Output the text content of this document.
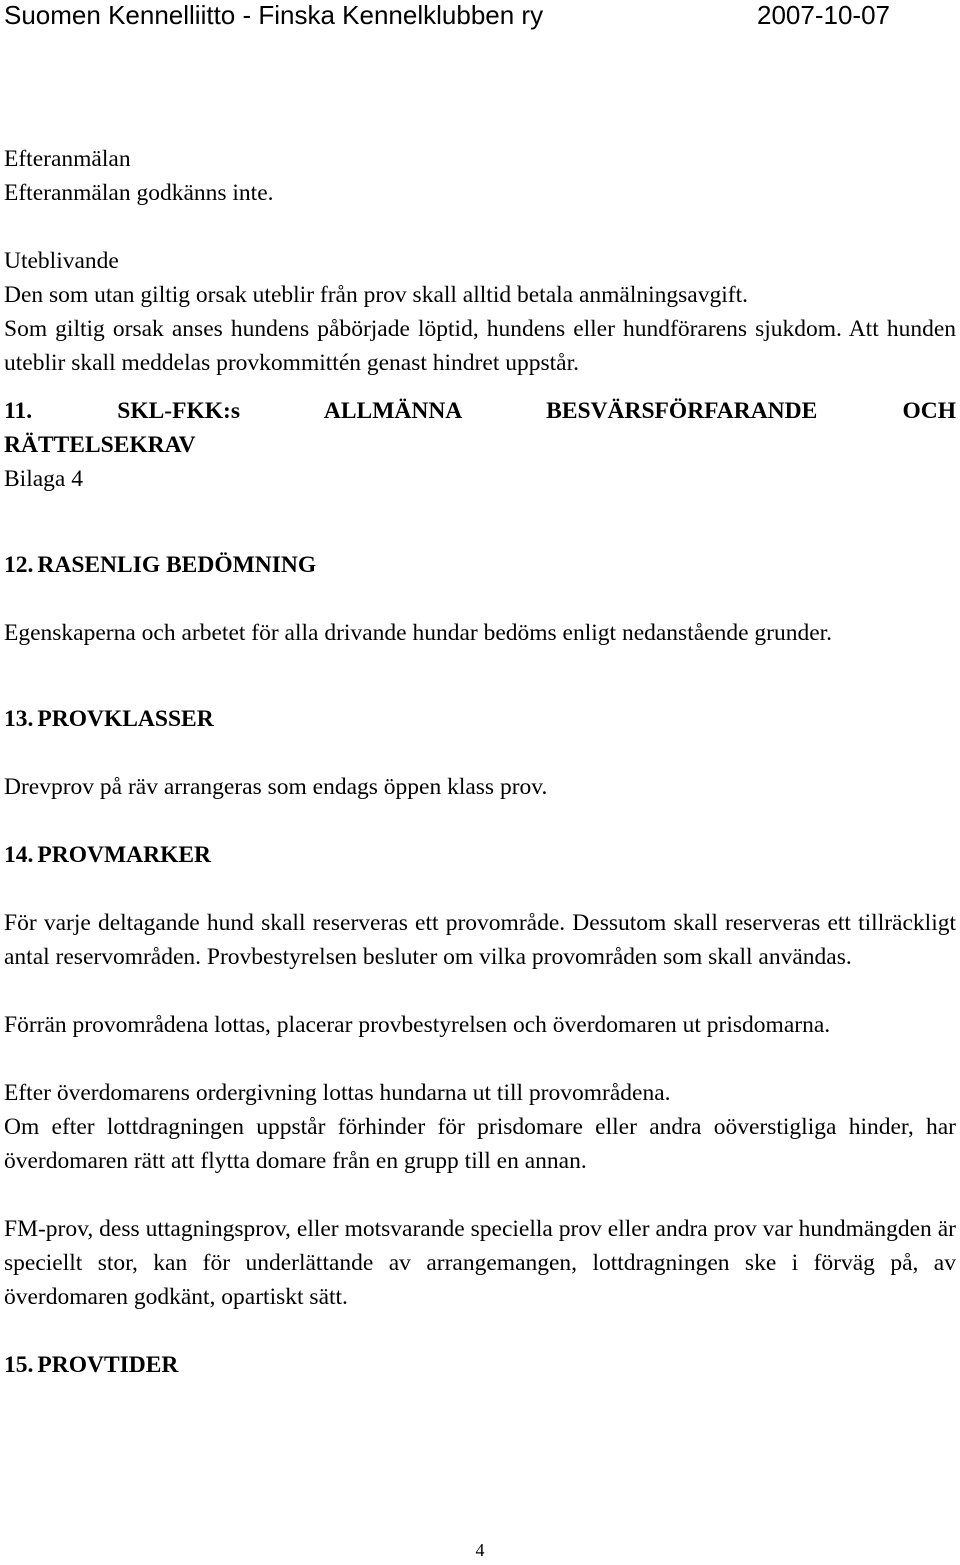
Suomen Kennelliitto - Finska Kennelklubben ry	2007-10-07

Efteranmälan

Efteranmälan godkänns inte.

Uteblivande

Den som utan giltig orsak uteblir från prov skall alltid betala anmälningsavgift.

Som giltig orsak anses hundens påbörjade löptid, hundens eller hundförarens sjukdom. Att hunden uteblir skall meddelas provkommittén genast hindret uppstår.

11.	SKL-FKK:s ALLMÄNNA BESVÄRSFÖRFARANDE OCH

RÄTTELSEKRAV

Bilaga 4

12. RASENLIG BEDÖMNING

Egenskaperna och arbetet för alla drivande hundar bedöms enligt nedanstående grunder.

13. PROVKLASSER

Drevprov på räv arrangeras som endags öppen klass prov.

14. PROVMARKER

För varje deltagande hund skall reserveras ett provområde. Dessutom skall reserveras ett tillräckligt antal reservområden. Provbestyrelsen besluter om vilka provområden som skall användas.

Förrän provområdena lottas, placerar provbestyrelsen och överdomaren ut prisdomarna.

Efter överdomarens ordergivning lottas hundarna ut till provområdena.

Om efter lottdragningen uppstår förhinder för prisdomare eller andra oöverstigliga hinder, har överdomaren rätt att flytta domare från en grupp till en annan.

FM-prov, dess uttagningsprov, eller motsvarande speciella prov eller andra prov var hundmängden är speciellt stor, kan för underlättande av arrangemangen, lottdragningen ske i förväg på, av överdomaren godkänt, opartiskt sätt.

15. PROVTIDER

4
